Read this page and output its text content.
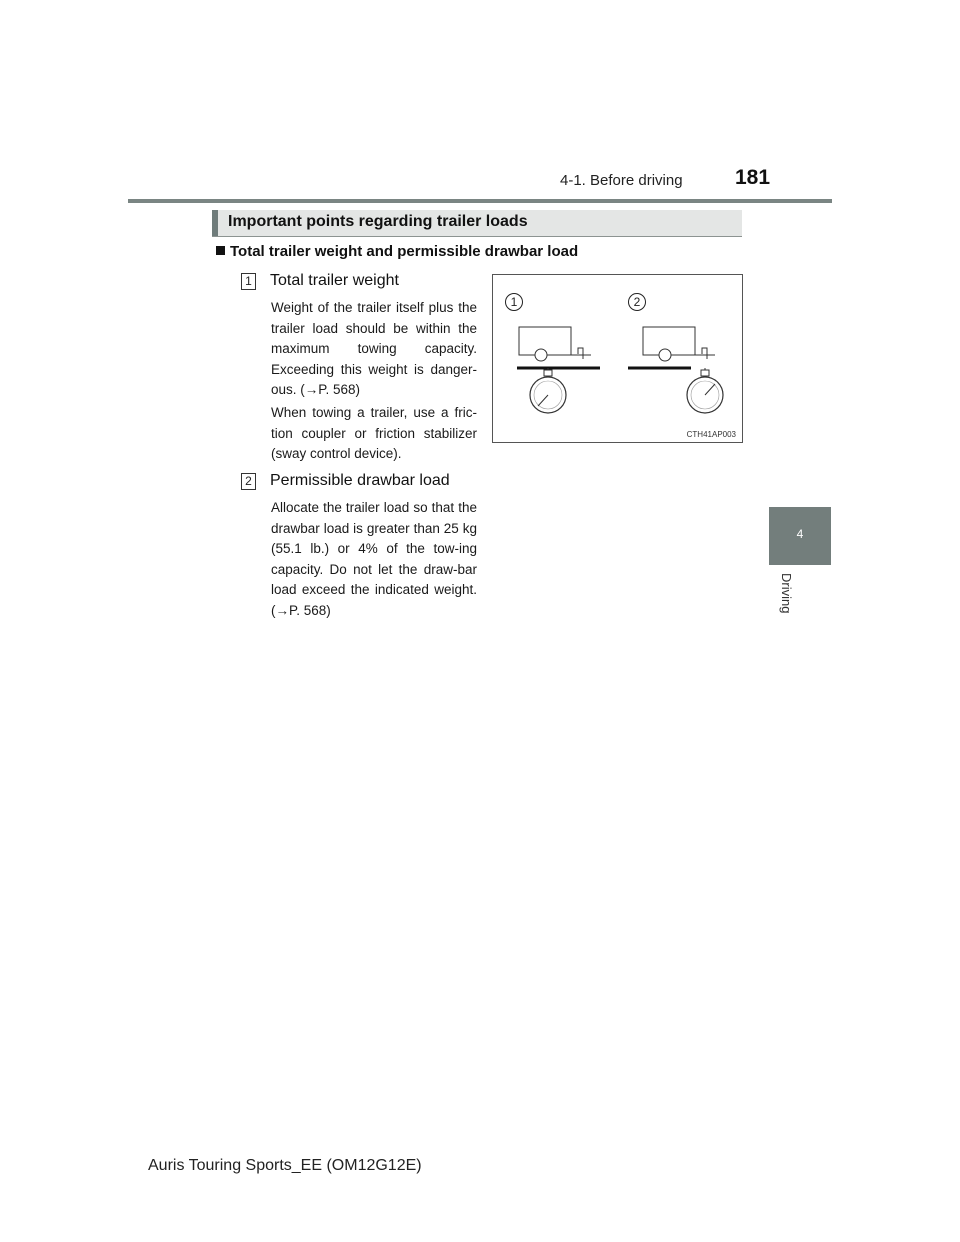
4-1. Before driving 181
Important points regarding trailer loads
Total trailer weight and permissible drawbar load
1 Total trailer weight
Weight of the trailer itself plus the trailer load should be within the maximum towing capacity. Exceeding this weight is danger-ous. (→P. 568)
When towing a trailer, use a fric-tion coupler or friction stabilizer (sway control device).
2 Permissible drawbar load
Allocate the trailer load so that the drawbar load is greater than 25 kg (55.1 lb.) or 4% of the tow-ing capacity. Do not let the draw-bar load exceed the indicated weight. (→P. 568)
1	2
CTH41AP003
4
Driving
Auris Touring Sports_EE (OM12G12E)
